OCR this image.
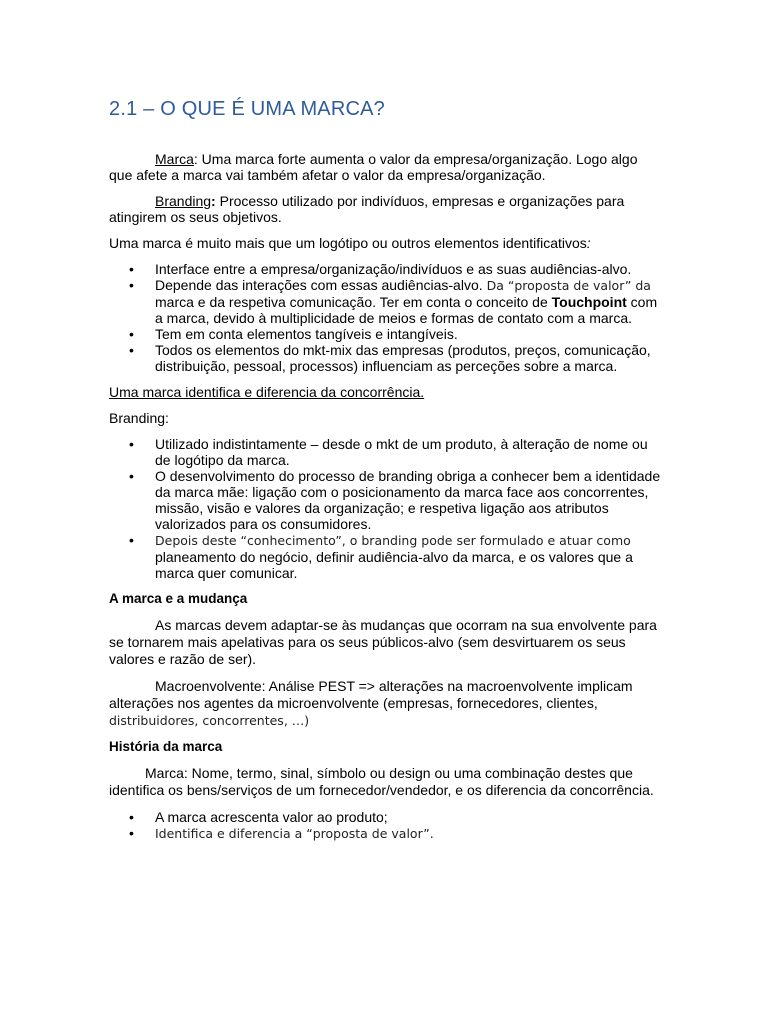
2.1 – O QUE É UMA MARCA?

Marca: Uma marca forte aumenta o valor da empresa/organização. Logo algo que afete a marca vai também afetar o valor da empresa/organização.

Branding: Processo utilizado por indivíduos, empresas e organizações para atingirem os seus objetivos.

Uma marca é muito mais que um logótipo ou outros elementos identificativos:

• Interface entre a empresa/organização/indivíduos e as suas audiências-alvo.
• Depende das interações com essas audiências-alvo. Da “proposta de valor” da marca e da respetiva comunicação. Ter em conta o conceito de Touchpoint com a marca, devido à multiplicidade de meios e formas de contato com a marca.
• Tem em conta elementos tangíveis e intangíveis.
• Todos os elementos do mkt-mix das empresas (produtos, preços, comunicação, distribuição, pessoal, processos) influenciam as perceções sobre a marca.

Uma marca identifica e diferencia da concorrência.

Branding:

• Utilizado indistintamente – desde o mkt de um produto, à alteração de nome ou de logótipo da marca.
• O desenvolvimento do processo de branding obriga a conhecer bem a identidade da marca mãe: ligação com o posicionamento da marca face aos concorrentes, missão, visão e valores da organização; e respetiva ligação aos atributos valorizados para os consumidores.
• Depois deste “conhecimento”, o branding pode ser formulado e atuar como planeamento do negócio, definir audiência-alvo da marca, e os valores que a marca quer comunicar.
A marca e a mudança

As marcas devem adaptar-se às mudanças que ocorram na sua envolvente para se tornarem mais apelativas para os seus públicos-alvo (sem desvirtuarem os seus valores e razão de ser).

Macroenvolvente: Análise PEST => alterações na macroenvolvente implicam alterações nos agentes da microenvolvente (empresas, fornecedores, clientes, distribuidores, concorrentes, …)

História da marca

Marca: Nome, termo, sinal, símbolo ou design ou uma combinação destes que identifica os bens/serviços de um fornecedor/vendedor, e os diferencia da concorrência.

• A marca acrescenta valor ao produto;
• Identifica e diferencia a “proposta de valor”.
